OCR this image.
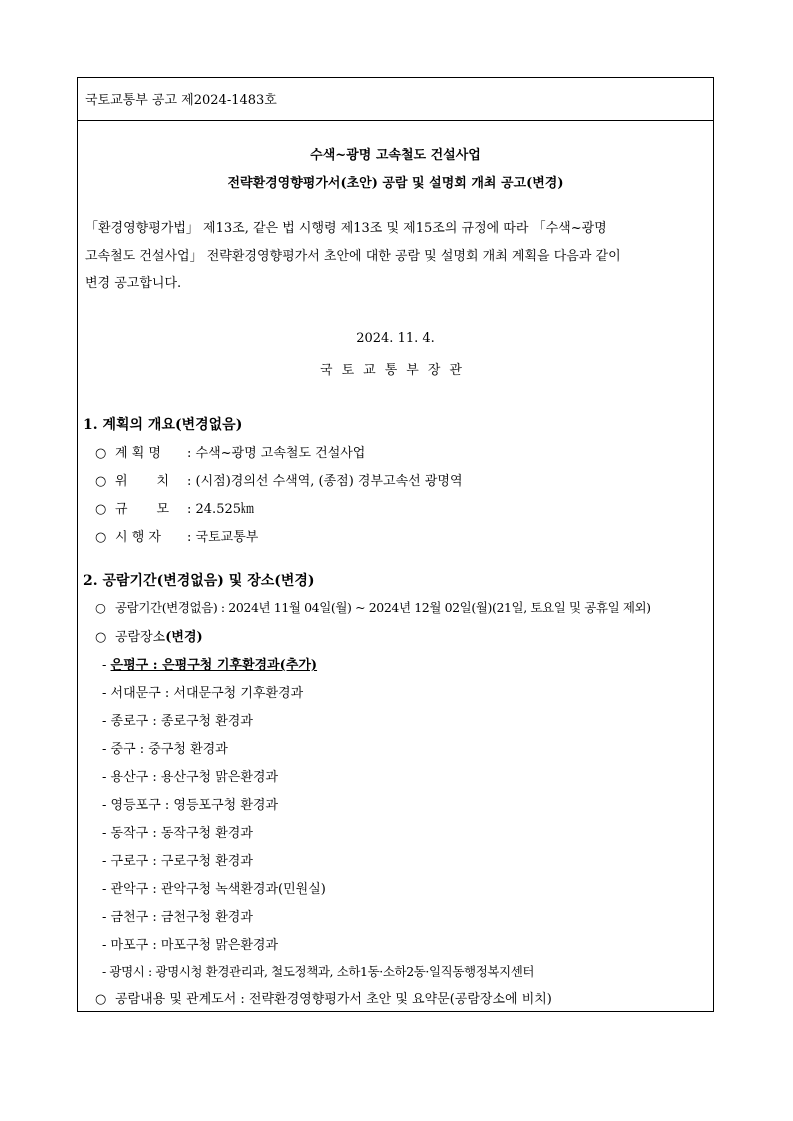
국토교통부 공고 제2024-1483호
수색~광명 고속철도 건설사업
전략환경영향평가서(초안) 공람 및 설명회 개최 공고(변경)
「환경영향평가법」 제13조, 같은 법 시행령 제13조 및 제15조의 규정에 따라 「수색~광명
고속철도 건설사업」 전략환경영향평가서 초안에 대한 공람 및 설명회 개최 계획을 다음과 같이
변경 공고합니다.
2024. 11. 4.
국토교통부장관
1. 계획의 개요(변경없음)
○ 계 획 명 : 수색~광명 고속철도 건설사업
○ 위       치 : (시점)경의선 수색역, (종점) 경부고속선 광명역
○ 규       모 : 24.525㎞
○ 시 행 자 : 국토교통부
2. 공람기간(변경없음) 및 장소(변경)
○ 공람기간(변경없음) : 2024년 11월 04일(월) ~ 2024년 12월 02일(월)(21일, 토요일 및 공휴일 제외)
○ 공람장소(변경)
- 은평구 : 은평구청 기후환경과(추가)
- 서대문구 : 서대문구청 기후환경과
- 종로구 : 종로구청 환경과
- 중구 : 중구청 환경과
- 용산구 : 용산구청 맑은환경과
- 영등포구 : 영등포구청 환경과
- 동작구 : 동작구청 환경과
- 구로구 : 구로구청 환경과
- 관악구 : 관악구청 녹색환경과(민원실)
- 금천구 : 금천구청 환경과
- 마포구 : 마포구청 맑은환경과
- 광명시 : 광명시청 환경관리과, 철도정책과, 소하1동·소하2동·일직동행정복지센터
○ 공람내용 및 관계도서 : 전략환경영향평가서 초안 및 요약문(공람장소에 비치)
